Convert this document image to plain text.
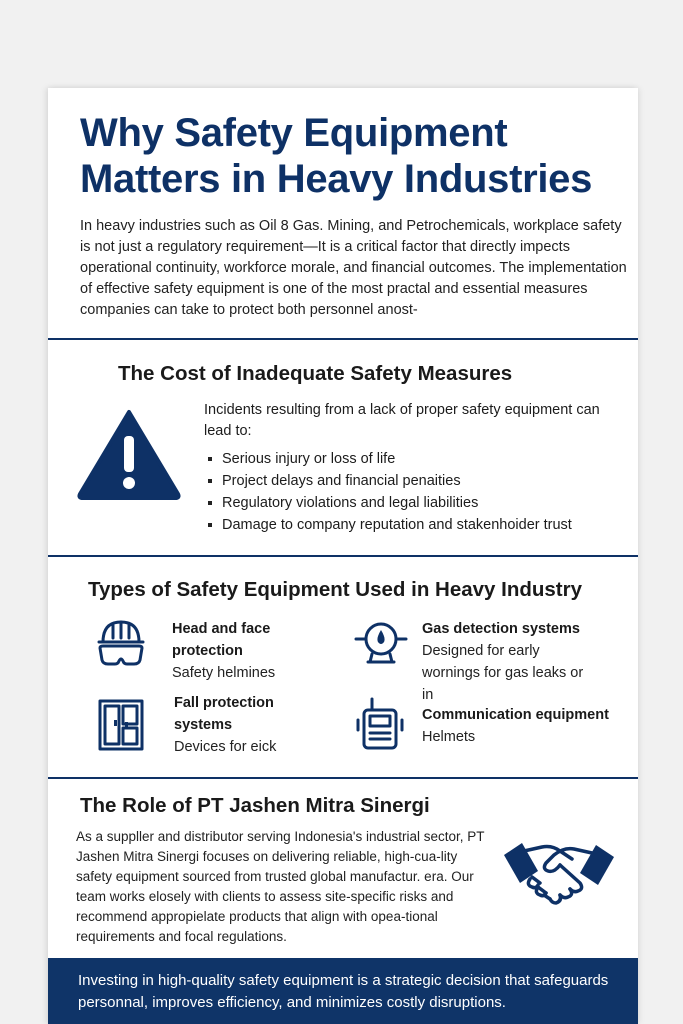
Why Safety Equipment Matters in Heavy Industries

In heavy industries such as Oil 8 Gas. Mining, and Petrochemicals, workplace safety is not just a regulatory requirement—It is a critical factor that directly impects operational continuity, workforce morale, and financial outcomes. The implementation of effective safety equipment is one of the most practal and essential measures companies can take to protect both personnel anost-

The Cost of Inadequate Safety Measures

Incidents resulting from a lack of proper safety equipment can lead to:

Serious injury or loss of life
Project delays and financial penaities
Regulatory violations and legal liabilities
Damage to company reputation and stakenhoider trust
Types of Safety Equipment Used in Heavy Industry

Head and face protection

Safety helmines

Gas detection systems

Designed for early wornings for gas leaks or in

Fall protection systems

Devices for eick

Communication equipment

Helmets

The Role of PT Jashen Mitra Sinergi

As a suppller and distributor serving Indonesia's industrial sector, PT Jashen Mitra Sinergi focuses on delivering reliable, high-cua-lity safety equipment sourced from trusted global manufactur. era. Our team works elosely with clients to assess site-specific risks and recommend appropielate products that align with opea-tional requirements and focal regulations.

Investing in high-quality safety equipment is a strategic decision that safeguards personnal, improves efficiency, and minimizes costly disruptions.
